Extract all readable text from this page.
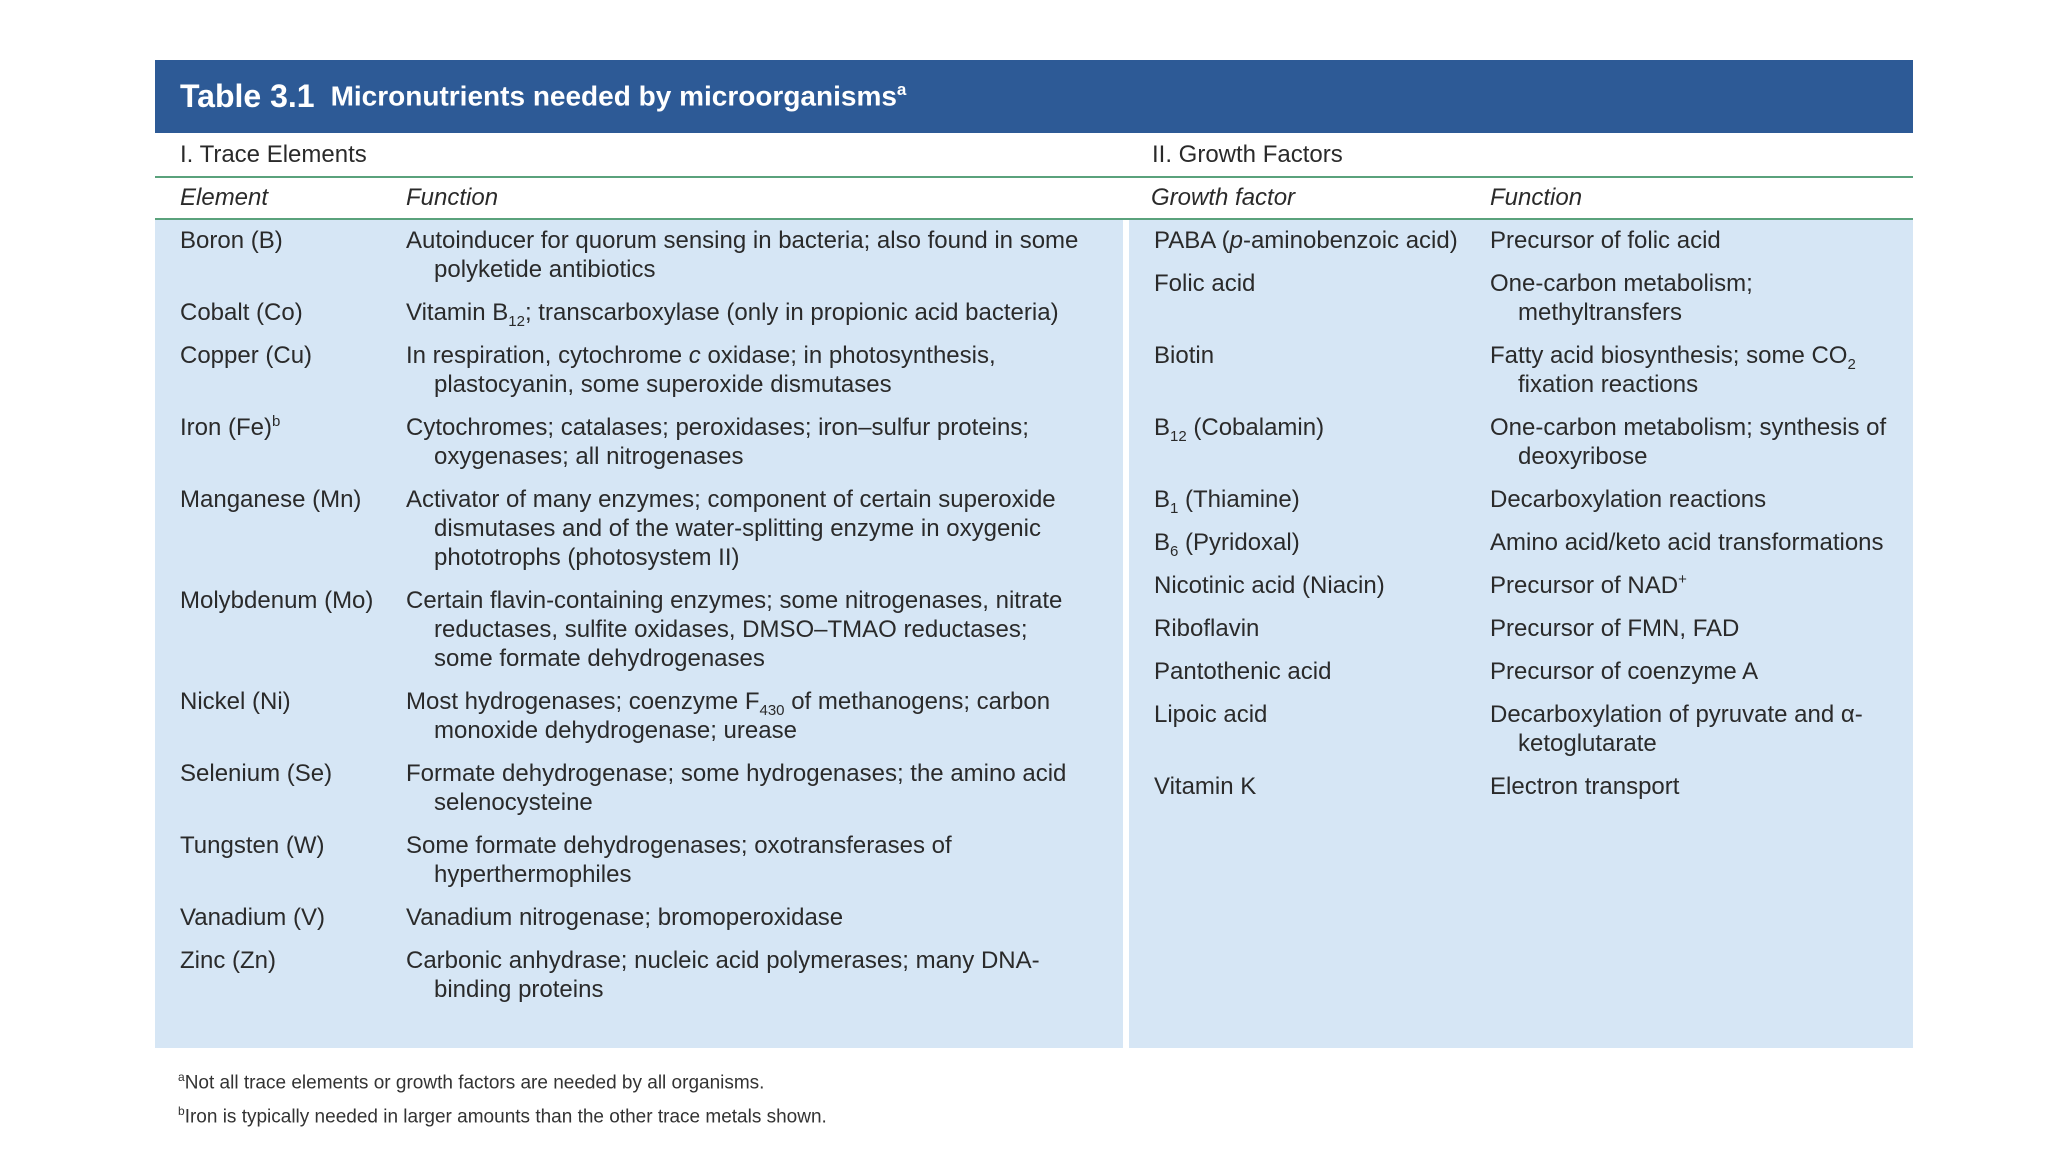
Table 3.1 Micronutrients needed by microorganisms$^a$
I. Trace Elements	II. Growth Factors
Element	Function	Growth factor	Function
Boron (B)	Autoinducer for quorum sensing in bacteria; also found in some polyketide antibiotics
Cobalt (Co)	Vitamin $B_{12}$; transcarboxylase (only in propionic acid bacteria)
Copper (Cu)	In respiration, cytochrome c oxidase; in photosynthesis, plastocyanin, some superoxide dismutases
Iron $(Fe)^b$	Cytochromes; catalases; peroxidases; iron–sulfur proteins; oxygenases; all nitrogenases
Manganese (Mn)	Activator of many enzymes; component of certain superoxide dismutases and of the water-splitting enzyme in oxygenic phototrophs (photosystem II)
Molybdenum (Mo)	Certain flavin-containing enzymes; some nitrogenases, nitrate reductases, sulfite oxidases, DMSO–TMAO reductases; some formate dehydrogenases
Nickel (Ni)	Most hydrogenases; coenzyme $F_{430}$ of methanogens; carbon monoxide dehydrogenase; urease
Selenium (Se)	Formate dehydrogenase; some hydrogenases; the amino acid selenocysteine
Tungsten (W)	Some formate dehydrogenases; oxotransferases of hyperthermophiles
Vanadium (V)	Vanadium nitrogenase; bromoperoxidase
Zinc (Zn)	Carbonic anhydrase; nucleic acid polymerases; many DNA-binding proteins
PABA (p-aminobenzoic acid)	Precursor of folic acid
Folic acid	One-carbon metabolism; methyltransfers
Biotin	Fatty acid biosynthesis; some $CO_2$ fixation reactions
$B_{12}$ (Cobalamin)	One-carbon metabolism; synthesis of deoxyribose
$B_1$ (Thiamine)	Decarboxylation reactions
$B_6$ (Pyridoxal)	Amino acid/keto acid transformations
Nicotinic acid (Niacin)	Precursor of NAD+
Riboflavin	Precursor of FMN, FAD
Pantothenic acid	Precursor of coenzyme A
Lipoic acid	Decarboxylation of pyruvate and α-ketoglutarate
Vitamin K	Electron transport
$^a$Not all trace elements or growth factors are needed by all organisms.
$^b$Iron is typically needed in larger amounts than the other trace metals shown.
